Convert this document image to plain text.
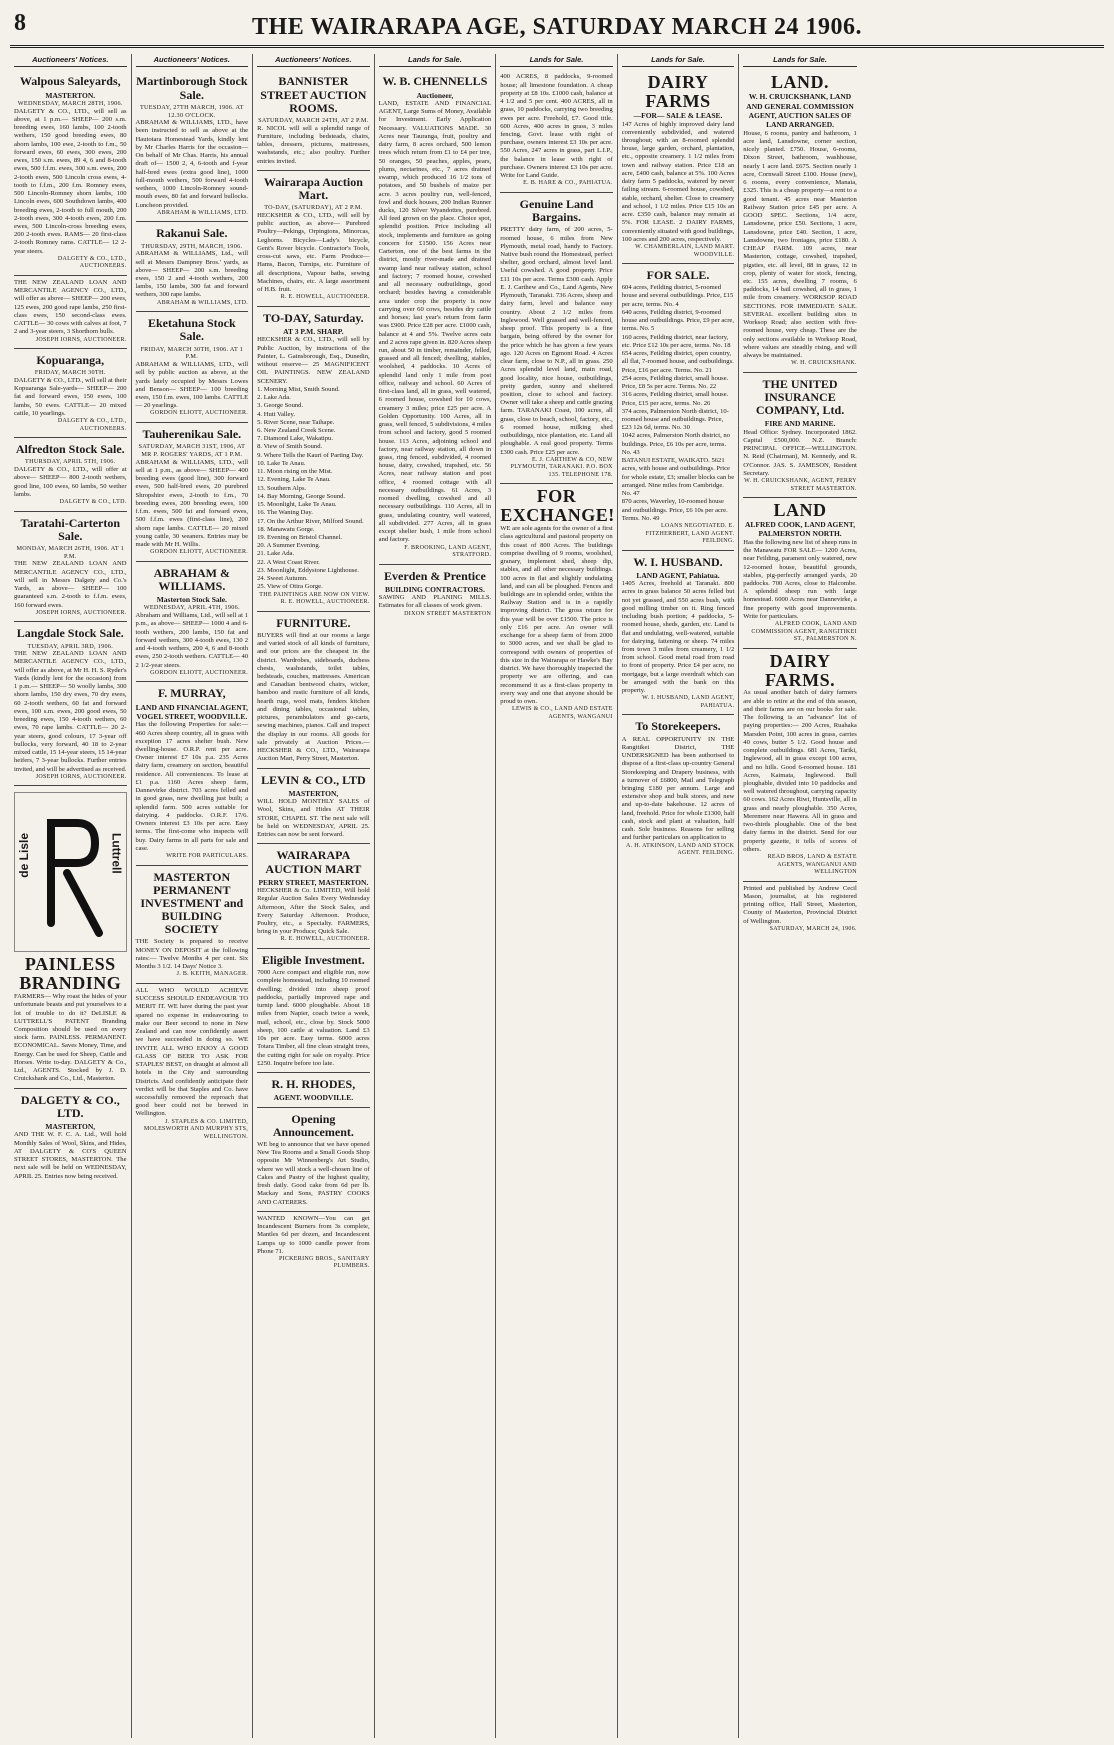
8	THE WAIRARAPA AGE, SATURDAY MARCH 24 1906.
Auctioneers' Notices.
Walpous Saleyards,
MASTERTON.
WEDNESDAY, MARCH 28TH, 1906.
DALGETY & CO., LTD., will sell as above, at 1 p.m.— SHEEP— 200 s.m. breeding ewes, 160 lambs, 100 2-tooth wethers, 150 good breeding ewes, 80 aborn lambs, 100 ewe, 2-tooth to f.m., 50 forward ewes, 60 ewes, 300 ewes, 200 ewes, 150 s.m. ewes, 89 4, 6 and 8-tooth ewes, 500 f.f.m. ewes, 300 s.m. ewes, 200 2-tooth ewes, 500 Lincoln cross ewes, 4-tooth to f.f.m., 200 f.m. Romney ewes, 500 Lincoln-Romney shorn lambs, 100 Lincoln ewes, 600 Southdown lambs, 400 breeding ewes, 2-tooth to full mouth, 200 2-tooth ewes, 300 4-tooth ewes, 200 f.m. ewes, 500 Lincoln-cross breeding ewes, 200 2-tooth ewes. RAMS— 20 first-class 2-tooth Romney rams. CATTLE— 12 2-year steers.
DALGETY & CO., LTD., AUCTIONEERS.
THE NEW ZEALAND LOAN AND MERCANTILE AGENCY CO., LTD., will offer as above— SHEEP— 200 ewes, 125 ewes, 200 good rape lambs, 250 first-class ewes, 150 second-class ewes. CATTLE— 30 cows with calves at foot, 7 2 and 3-year steers, 3 Shorthorn bulls.
JOSEPH IORNS, AUCTIONEER.
Kopuaranga,
FRIDAY, MARCH 30TH.
DALGETY & CO., LTD., will sell at their Kopuaranga Sale-yards— SHEEP— 200 fat and forward ewes, 150 ewes, 100 lambs, 50 ewes. CATTLE— 20 mixed cattle, 10 yearlings.
DALGETY & CO., LTD., AUCTIONEERS.
Alfredton Stock Sale.
THURSDAY, APRIL 5TH, 1906.
DALGETY & CO., LTD., will offer at above— SHEEP— 800 2-tooth wethers, good line, 100 ewes, 60 lambs, 50 wether lambs.
DALGETY & CO., LTD.
Taratahi-Carterton Sale.
MONDAY, MARCH 26TH, 1906. AT 1 P.M.
THE NEW ZEALAND LOAN AND MERCANTILE AGENCY CO., LTD., will sell in Messrs Dalgety and Co.'s Yards, as above— SHEEP— 100 guaranteed s.m. 2-tooth to f.f.m. ewes, 160 forward ewes.
JOSEPH IORNS, AUCTIONEER.
Langdale Stock Sale.
TUESDAY, APRIL 3RD, 1906.
THE NEW ZEALAND LOAN AND MERCANTILE AGENCY CO., LTD., will offer as above, at Mr H. H. S. Ryder's Yards (kindly lent for the occasion) from 1 p.m.— SHEEP— 50 woolly lambs, 300 shorn lambs, 150 dry ewes, 70 dry ewes, 60 2-tooth wethers, 60 fat and forward ewes, 100 s.m. ewes, 200 good ewes, 50 breeding ewes, 150 4-tooth wethers, 60 ewes, 70 rape lambs. CATTLE— 20 2-year steers, good colours, 17 3-year off bullocks, very forward, 40 18 to 2-year mixed cattle, 15 14-year steers, 15 14-year heifers, 7 3-year bullocks. Further entries invited, and will be advertised as received.
JOSEPH IORNS, AUCTIONEER.
de Lisle	Luttrell
PAINLESS BRANDING
FARMERS— Why roast the hides of your unfortunate beasts and put yourselves to a lot of trouble to do it? DeLISLE & LUTTRELL'S PATENT Branding Composition should be used on every stock farm. PAINLESS. PERMANENT. ECONOMICAL. Saves Money, Time, and Energy. Can be used for Sheep, Cattle and Horses. Write to-day. DALGETY & Co., Ltd., AGENTS. Stocked by J. D. Cruickshank and Co., Ltd., Masterton.
DALGETY & CO., LTD.
MASTERTON,
AND THE W. F. C. A. Ltd., Will hold Monthly Sales of Wool, Skins, and Hides, AT DALGETY & CO'S QUEEN STREET STORES, MASTERTON. The next sale will be held on WEDNESDAY, APRIL 25. Entries now being received.
Auctioneers' Notices.
Martinborough Stock Sale.
TUESDAY, 27TH MARCH, 1906. AT 12.30 O'CLOCK.
ABRAHAM & WILLIAMS, LTD., have been instructed to sell as above at the Hautotara Homestead Yards, kindly lent by Mr Charles Harris for the occasion— On behalf of Mr Chas. Harris, his annual draft of— 1500 2, 4, 6-tooth and f-year half-bred ewes (extra good line), 1000 full-mouth wethers, 500 forward 4-tooth wethers, 1000 Lincoln-Romney sound-mouth ewes, 80 fat and forward bullocks. Luncheon provided.
ABRAHAM & WILLIAMS, LTD.
Rakanui Sale.
THURSDAY, 29TH, MARCH, 1906.
ABRAHAM & WILLIAMS, Ltd., will sell at Messrs Dampney Bros.' yards, as above— SHEEP— 200 s.m. breeding ewes, 150 2 and 4-tooth wethers, 200 lambs, 150 lambs, 300 fat and forward wethers, 300 rape lambs.
ABRAHAM & WILLIAMS, LTD.
Eketahuna Stock Sale.
FRIDAY, MARCH 30TH, 1906. AT 1 P.M.
ABRAHAM & WILLIAMS, LTD., will sell by public auction as above, at the yards lately occupied by Messrs Lowes and Benson— SHEEP— 100 breeding ewes, 150 f.m. ewes, 100 lambs. CATTLE— 20 yearlings.
GORDON ELIOTT, AUCTIONEER.
Tauherenikau Sale.
SATURDAY, MARCH 31ST, 1906, AT MR P. ROGERS' YARDS, AT 1 P.M.
ABRAHAM & WILLIAMS, LTD., will sell at 1 p.m., as above— SHEEP— 400 breeding ewes (good line), 300 forward ewes, 500 half-bred ewes, 20 purebred Shropshire ewes, 2-tooth to f.m., 70 breeding ewes, 200 breeding ewes, 100 f.f.m. ewes, 500 fat and forward ewes, 500 f.f.m. ewes (first-class line), 200 shorn rape lambs. CATTLE— 20 mixed young cattle, 30 weaners. Entries may be made with Mr H. Willis.
GORDON ELIOTT, AUCTIONEER.
ABRAHAM & WILLIAMS.
Masterton Stock Sale.
WEDNESDAY, APRIL 4TH, 1906.
Abraham and Williams, Ltd., will sell at 1 p.m., as above— SHEEP— 1000 4 and 6-tooth wethers, 200 lambs, 150 fat and forward wethers, 300 4-tooth ewes, 130 2 and 4-tooth wethers, 200 4, 6 and 8-tooth ewes, 250 2-tooth wethers. CATTLE— 40 2 1/2-year steers.
GORDON ELIOTT, AUCTIONEER.
F. MURRAY,
LAND AND FINANCIAL AGENT, VOGEL STREET, WOODVILLE.
Has the following Properties for sale:— 460 Acres sheep country, all in grass with exception 17 acres shelter bush. New dwelling-house. O.R.P. rent per acre. Owner interest £7 10s p.a. 235 Acres dairy farm, creamery on section, beautiful residence. All conveniences. To lease at £1 p.a. 1160 Acres sheep farm, Dannevirke district. 703 acres felled and in good grass, new dwelling just built; a splendid farm. 500 acres suitable for dairying. 4 paddocks. O.R.F. 17/6. Owners interest £3 10s per acre. Easy terms. The first-come who inspects will buy. Dairy farms in all parts for sale and case.
WRITE FOR PARTICULARS.
MASTERTON PERMANENT INVESTMENT and BUILDING SOCIETY
THE Society is prepared to receive MONEY ON DEPOSIT at the following rates:— Twelve Months 4 per cent. Six Months 3 1/2. 14 Days' Notice 3.
J. B. KEITH, MANAGER.
ALL WHO WOULD ACHIEVE SUCCESS SHOULD ENDEAVOUR TO MERIT IT. WE have during the past year spared no expense in endeavouring to make our Beer second to none in New Zealand and can now confidently assert we have succeeded in doing so. WE INVITE ALL WHO ENJOY A GOOD GLASS OF BEER TO ASK FOR STAPLES' BEST, on draught at almost all hotels in the City and surrounding Districts. And confidently anticipate their verdict will be that Staples and Co. have successfully removed the reproach that good beer could not be brewed in Wellington.
J. STAPLES & CO. LIMITED, MOLESWORTH AND MURPHY STS, WELLINGTON.
Auctioneers' Notices.
BANNISTER STREET AUCTION ROOMS.
SATURDAY, MARCH 24TH, AT 2 P.M.
R. NICOL will sell a splendid range of Furniture, including bedsteads, chairs, tables, dressers, pictures, mattresses, washstands, etc.; also poultry. Further entries invited.
Wairarapa Auction Mart.
TO-DAY, (SATURDAY), AT 2 P.M.
HECKSHER & CO., LTD., will sell by public auction, as above— Purebred Poultry—Pekings, Orpingtons, Minorcas, Leghorns. Bicycles—Lady's bicycle, Gent's Rover bicycle. Contractor's Tools, cross-cut saws, etc. Farm Produce—Hams, Bacon, Turnips, etc. Furniture of all descriptions, Vapour baths, sewing Machines, chairs, etc. A large assortment of H.B. fruit.
R. E. HOWELL, AUCTIONEER.
TO-DAY, Saturday.
AT 3 P.M. SHARP.
HECKSHER & CO., LTD., will sell by Public Auction, by instructions of the Painter, L. Gainsborough, Esq., Dunedin, without reserve— 25 MAGNIFICENT OIL PAINTINGS. NEW ZEALAND SCENERY.
1. Morning Mist, Smith Sound.
2. Lake Ada.
3. George Sound.
4. Hutt Valley.
5. River Scene, near Taihape.
6. New Zealand Creek Scene.
7. Diamond Lake, Wakatipu.
8. View of Smith Sound.
9. Where Tells the Kauri of Parting Day.
10. Lake Te Anau.
11. Moon rising on the Mist.
12. Evening, Lake Te Anau.
13. Southern Alps.
14. Bay Morning, George Sound.
15. Moonlight, Lake Te Anau.
16. The Waning Day.
17. On the Arthur River, Milford Sound.
18. Manawatu Gorge.
19. Evening on Bristol Channel.
20. A Summer Evening.
21. Lake Ada.
22. A West Coast River.
23. Moonlight, Eddystone Lighthouse.
24. Sweet Autumn.
25. View of Otira Gorge.
THE PAINTINGS ARE NOW ON VIEW. R. E. HOWELL, AUCTIONEER.
FURNITURE.
BUYERS will find at our rooms a large and varied stock of all kinds of furniture, and our prices are the cheapest in the district. Wardrobes, sideboards, duchess chests, washstands, toilet tables, bedsteads, couches, mattresses. American and Canadian bentwood chairs, wicker, bamboo and rustic furniture of all kinds, hearth rugs, wool mats, fenders kitchen and dining tables, occasional tables, pictures, perambulators and go-carts, sewing machines, pianos. Call and inspect the display in our rooms. All goods for sale privately at Auction Prices.—HECKSHER & CO., LTD., Wairarapa Auction Mart, Perry Street, Masterton.
LEVIN & CO., LTD
MASTERTON,
WILL HOLD MONTHLY SALES of Wool, Skins, and Hides AT THEIR STORE, CHAPEL ST. The next sale will be held on WEDNESDAY, APRIL 25. Entries can now be sent forward.
WAIRARAPA AUCTION MART
PERRY STREET, MASTERTON.
HECKSHER & Co. LIMITED, Will hold Regular Auction Sales Every Wednesday Afternoon, After the Stock Sales, and Every Saturday Afternoon. Produce, Poultry, etc., a Specialty. FARMERS, bring in your Produce; Quick Sale.
R. E. HOWELL, AUCTIONEER.
Eligible Investment.
7000 Acre compact and eligible run, now complete homestead, including 10 roomed dwelling; divided into sheep proof paddocks, partially improved rape and turnip land. 6000 ploughable. About 18 miles from Napier, coach twice a week, mail, school, etc., close by. Stock 5000 sheep, 100 cattle at valuation. Land £3 10s per acre. Easy terms. 6000 acres Totara Timber, all fine clean straight trees, the cutting right for sale on royalty. Price £250. Inquire before too late.
R. H. RHODES,
AGENT. WOODVILLE.
Opening Announcement.
WE beg to announce that we have opened New Tea Rooms and a Small Goods Shop opposite Mr Winnenberg's Art Studio, where we will stock a well-chosen line of Cakes and Pastry of the highest quality, fresh daily. Good cake from 6d per lb. Mackay and Sons, PASTRY COOKS AND CATERERS.
WANTED KNOWN—You can get Incandescent Burners from 3s complete, Mantles 6d per dozen, and Incandescent Lamps up to 1000 candle power from Phone 71.
PICKERING BROS., SANITARY PLUMBERS.
Lands for Sale.
W. B. CHENNELLS
Auctioneer,
LAND, ESTATE AND FINANCIAL AGENT, Large Sums of Money, Available for Investment. Early Application Necessary. VALUATIONS MADE. 30 Acres near Tauranga, fruit, poultry and dairy farm, 8 acres orchard, 500 lemon trees which return from £1 to £4 per tree, 50 oranges, 50 peaches, apples, pears, plums, nectarines, etc., 7 acres drained swamp, which produced 16 1/2 tons of potatoes, and 50 bushels of maize per acre. 3 acres poultry run, well-fenced, fowl and duck houses, 200 Indian Runner ducks, 120 Silver Wyandottes, purebred. All feed grown on the place. Choice spot, splendid position. Price including all stock, implements and furniture as going concern for £1500. 156 Acres near Carterton, one of the best farms in the district, mostly river-made and drained swamp land near railway station, school and factory; 7 roomed house, cowshed and all necessary outbuildings, good orchard; besides having a considerable area under crop the property is now carrying over 60 cows, besides dry cattle and horses; last year's return from farm was £900. Price £28 per acre. £1000 cash, balance at 4 and 5%. Twelve acres oats and 2 acres rape given in. 820 Acres sheep run, about 50 in timber, remainder, felled, grassed and all fenced; dwelling, stables, woolshed, 4 paddocks. 10 Acres of splendid land only 1 mile from post office, railway and school. 60 Acres of first-class land, all in grass, well watered, 6 roomed house, cowshed for 10 cows, creamery 3 miles; price £25 per acre. A Golden Opportunity. 100 Acres, all in grass, well fenced, 5 subdivisions, 4 miles from school and factory, good 5 roomed house. 113 Acres, adjoining school and factory, near railway station, all down in grass, ring fenced, subdivided, 4 roomed house, dairy, cowshed, trapshed, etc. 56 Acres, near railway station and post office, 4 roomed cottage with all necessary outbuildings. 61 Acres, 3 roomed dwelling, cowshed and all necessary outbuildings. 110 Acres, all in grass, undulating country, well watered, all subdivided. 277 Acres, all in grass except shelter bush, 1 mile from school and factory.
F. BROOKING, LAND AGENT, STRATFORD.
Everden & Prentice
BUILDING CONTRACTORS.
SAWING AND PLANING MILLS. Estimates for all classes of work given.
DIXON STREET MASTERTON
Lands for Sale.
400 ACRES, 8 paddocks, 9-roomed house; all limestone foundation. A cheap property at £8 10s. £1000 cash, balance at 4 1/2 and 5 per cent. 400 ACRES, all in grass, 10 paddocks, carrying two breeding ewes per acre. Freehold, £7. Good title. 600 Acres, 400 acres in grass, 3 miles fencing, Govt. lease with right of purchase, owners interest £3 10s per acre. 550 Acres, 247 acres in grass, part L.I.P., the balance in lease with right of purchase. Owners interest £3 10s per acre. Write for Land Guide.
E. B. HARE & CO., PAHIATUA.
Genuine Land Bargains.
PRETTY dairy farm, of 200 acres, 5-roomed house, 6 miles from New Plymouth, metal road, handy to Factory. Native bush round the Homestead, perfect shelter, good orchard, almost level land. Useful cowshed. A good property. Price £11 10s per acre. Terms £300 cash. Apply E. J. Carthew and Co., Land Agents, New Plymouth, Taranaki. 736 Acres, sheep and dairy farm, level and balance easy country. About 2 1/2 miles from Inglewood. Well grassed and well-fenced, sheep proof. This property is a fine bargain, being offered by the owner for the price which he has given a few years ago. 120 Acres on Egmont Road. 4 Acres clear farm, close to N.P., all in grass. 250 Acres splendid level land, main road, good locality, nice house, outbuildings, pretty garden, sunny and sheltered position, close to school and factory. Owner will take a sheep and cattle grazing farm. TARANAKI Coast, 100 acres, all grass, close to beach, school, factory, etc., 6 roomed house, milking shed outbuildings, nice plantation, etc. Land all ploughable. A real good property. Terms £300 cash. Price £25 per acre.
E. J. CARTHEW & CO, NEW PLYMOUTH, TARANAKI. P.O. BOX 135. TELEPHONE 178.
FOR EXCHANGE!
WE are sole agents for the owner of a first class agricultural and pastoral property on this coast of 800 Acres. The buildings comprise dwelling of 9 rooms, woolshed, granary, implement shed, sheep dip, stables, and all other necessary buildings. 100 acres in flat and slightly undulating land, and can all be ploughed. Fences and buildings are in splendid order, within the Railway Station and is in a rapidly improving district. The gross return for this year will be over £1500. The price is only £16 per acre. An owner will exchange for a sheep farm of from 2000 to 3000 acres, and we shall be glad to correspond with owners of properties of this size in the Wairarapa or Hawke's Bay district. We have thoroughly inspected the property we are offering, and can recommend it as a first-class property in every way and one that anyone should be proud to own.
LEWIS & CO., LAND AND ESTATE AGENTS, WANGANUI
Lands for Sale.
DAIRY FARMS
—FOR— SALE & LEASE.
147 Acres of highly improved dairy land conveniently subdivided, and watered throughout; with an 8-roomed splendid house, large garden, orchard, plantation, etc., opposite creamery. 1 1/2 miles from town and railway station. Price £18 an acre, £400 cash, balance at 5%. 100 Acres dairy farm 5 paddocks, watered by never failing stream. 6-roomed house, cowshed, stable, orchard, shelter. Close to creamery and school, 1 1/2 miles. Price £15 10s an acre. £350 cash, balance may remain at 5%. FOR LEASE. 2 DAIRY FARMS, conveniently situated with good buildings, 100 acres and 200 acres, respectively.
W. CHAMBERLAIN, LAND MART. WOODVILLE.
FOR SALE.
604 acres, Feilding district, 5-roomed house and several outbuildings. Price, £15 per acre, terms. No. 4
640 acres, Feilding district, 9-roomed house and outbuildings. Price, £9 per acre, terms. No. 5
160 acres, Feilding district, near factory, etc. Price £12 10s per acre, terms. No. 18
654 acres, Feilding district, open country, all flat, 7-roomed house, and outbuildings. Price, £16 per acre. Terms. No. 21
254 acres, Feilding district, small house. Price, £8 5s per acre. Terms. No. 22
316 acres, Feilding district, small house. Price, £15 per acre, terms. No. 26
374 acres, Palmerston North district, 10-roomed house and outbuildings. Price, £23 12s 6d, terms. No. 30
1042 acres, Palmerston North district, no buildings. Price, £6 10s per acre, terms. No. 43
BATANUI ESTATE, WAIKATO. 5621 acres, with house and outbuildings. Price for whole estate, £3; smaller blocks can be arranged. Nine miles from Cambridge. No. 47
870 acres, Waverley, 10-roomed house and outbuildings. Price, £6 10s per acre. Terms. No. 49
LOANS NEGOTIATED. E. FITZHERBERT, LAND AGENT. FEILDING.
W. I. HUSBAND.
LAND AGENT, Pahiatua.
1405 Acres, freehold at Taranaki. 800 acres in grass balance 50 acres felled but not yet grassed, and 550 acres bush, with good milling timber on it. Ring fenced including bush portion; 4 paddocks, 5-roomed house, sheds, garden, etc. Land is flat and undulating, well-watered, suitable for dairying, fattening or sheep. 74 miles from town 3 miles from creamery, 1 1/2 from school. Good metal road from road to front of property. Price £4 per acre, no mortgage, but a large overdraft which can be arranged with the bank on this property.
W. I. HUSBAND, LAND AGENT, PAHIATUA.
To Storekeepers.
A REAL OPPORTUNITY IN THE Rangitikei District, THE UNDERSIGNED has been authorised to dispose of a first-class up-country General Storekeeping and Drapery business, with a turnover of £6800, Mail and Telegraph bringing £180 per annum. Large and extensive shop and bulk stores, and new and up-to-date bakehouse. 12 acres of land, freehold. Price for whole £1300, half cash, stock and plant at valuation, half cash. Sole business. Reasons for selling and further particulars on application to
A. H. ATKINSON, LAND AND STOCK AGENT. FEILDING.
Lands for Sale.
LAND.
W. H. CRUICKSHANK, LAND AND GENERAL COMMISSION AGENT, AUCTION SALES OF LAND ARRANGED.
House, 6 rooms, pantry and bathroom, 1 acre land, Lansdowne, corner section, nicely planted. £750. House, 6-rooms, Dixon Street, bathroom, washhouse, nearly 1 acre land. £675. Section nearly 1 acre, Cornwall Street £100. House (new), 6 rooms, every convenience, Manaia, £325. This is a cheap property—a rent to a good tenant. 45 acres near Masterton Railway Station price £45 per acre. A GOOD SPEC. Sections, 1/4 acre, Lansdowne, price £50. Sections, 1 acre, Lansdowne, price £40. Section, 1 acre, Lansdowne, two frontages, price £180. A CHEAP FARM. 109 acres, near Masterton, cottage, cowshed, trapshed, pigsties, etc. all level, 88 in grass, 12 in crop, plenty of water for stock, fencing, etc. 155 acres, dwelling 7 rooms, 6 paddocks, 14 bail cowshed, all in grass, 1 mile from creamery. WORKSOP ROAD SECTIONS. FOR IMMEDIATE SALE. SEVERAL excellent building sites in Worksop Road; also section with five-roomed house, very cheap. These are the only sections available in Worksop Road, where values are steadily rising, and will always be maintained.
W. H. CRUICKSHANK.
THE UNITED INSURANCE COMPANY, Ltd.
FIRE AND MARINE.
Head Office: Sydney. Incorporated 1862. Capital £500,000. N.Z. Branch: PRINCIPAL OFFICE—WELLINGTON. N. Reid (Chairman), M. Kennedy, and R. O'Connor. JAS. S. JAMESON, Resident Secretary.
W. H. CRUICKSHANK, AGENT, PERRY STREET MASTERTON.
LAND
ALFRED COOK, LAND AGENT, PALMERSTON NORTH.
Has the following new list of sheep runs in the Manawatu FOR SALE— 1200 Acres, near Feilding, parament only watered, new 12-roomed house, beautiful grounds, stables, pig-perfectly arranged yards, 20 paddocks. 700 Acres, close to Halcombe. A splendid sheep run with large homestead. 6000 Acres near Dannevirke, a fine property with good improvements. Write for particulars.
ALFRED COOK, LAND AND COMMISSION AGENT, RANGITIKEI ST., PALMERSTON N.
DAIRY FARMS.
As usual another batch of dairy farmers are able to retire at the end of this season, and their farms are on our books for sale. The following is an "advance" list of paying properties:— 200 Acres, Ruahaka Marsden Point, 100 acres in grass, carries 40 cows, butter 5 1/2. Good house and complete outbuildings. 681 Acres, Tariki, Inglewood, all in grass except 100 acres, and no hills. Good 6-roomed house. 181 Acres, Kaimata, Inglewood. Bull ploughable, divided into 10 paddocks and well watered throughout, carrying capacity 60 cows. 162 Acres Riwi, Huntsville, all in grass and nearly ploughable. 350 Acres, Meremere near Hawera. All in grass and two-thirds ploughable. One of the best dairy farms in the district. Send for our property gazette, it tells of scores of others.
READ BROS, LAND & ESTATE AGENTS, WANGANUI AND WELLINGTON
Printed and published by Andrew Cecil Mason, journalist, at his registered printing office, Hall Street, Masterton, County of Masterton, Provincial District of Wellington.
SATURDAY, MARCH 24, 1906.
